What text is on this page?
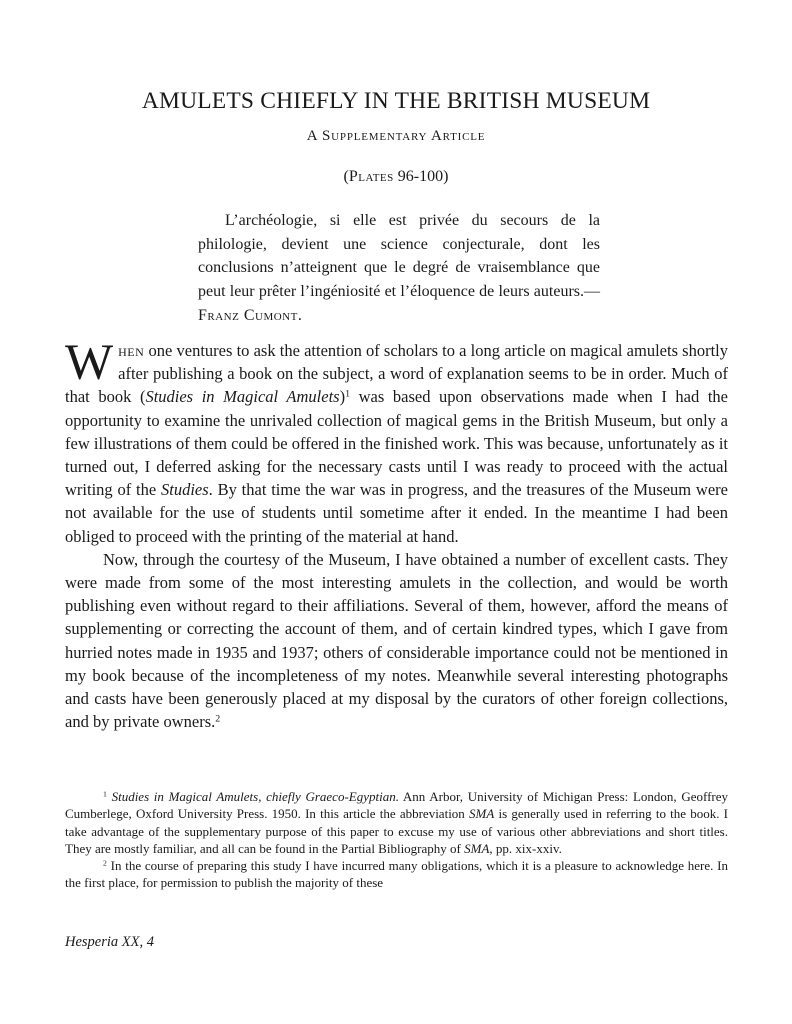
AMULETS CHIEFLY IN THE BRITISH MUSEUM
A Supplementary Article
(Plates 96-100)

L’archéologie, si elle est privée du secours de la philologie, devient une science conjecturale, dont les conclusions n’atteignent que le degré de vraisemblance que peut leur prêter l’ingéniosité et l’éloquence de leurs auteurs.—Franz Cumont.

When one ventures to ask the attention of scholars to a long article on magical amulets shortly after publishing a book on the subject, a word of explanation seems to be in order. Much of that book (Studies in Magical Amulets)$^1$ was based upon observations made when I had the opportunity to examine the unrivaled collection of magical gems in the British Museum, but only a few illustrations of them could be offered in the finished work. This was because, unfortunately as it turned out, I deferred asking for the necessary casts until I was ready to proceed with the actual writing of the Studies. By that time the war was in progress, and the treasures of the Museum were not available for the use of students until sometime after it ended. In the meantime I had been obliged to proceed with the printing of the material at hand.

Now, through the courtesy of the Museum, I have obtained a number of excellent casts. They were made from some of the most interesting amulets in the collection, and would be worth publishing even without regard to their affiliations. Several of them, however, afford the means of supplementing or correcting the account of them, and of certain kindred types, which I gave from hurried notes made in 1935 and 1937; others of considerable importance could not be mentioned in my book because of the incompleteness of my notes. Meanwhile several interesting photographs and casts have been generously placed at my disposal by the curators of other foreign collections, and by private owners.$^2$

$^1$ Studies in Magical Amulets, chiefly Graeco-Egyptian. Ann Arbor, University of Michigan Press: London, Geoffrey Cumberlege, Oxford University Press. 1950. In this article the abbreviation SMA is generally used in referring to the book. I take advantage of the supplementary purpose of this paper to excuse my use of various other abbreviations and short titles. They are mostly familiar, and all can be found in the Partial Bibliography of SMA, pp. xix-xxiv.

$^2$ In the course of preparing this study I have incurred many obligations, which it is a pleasure to acknowledge here. In the first place, for permission to publish the majority of these

Hesperia XX, 4
